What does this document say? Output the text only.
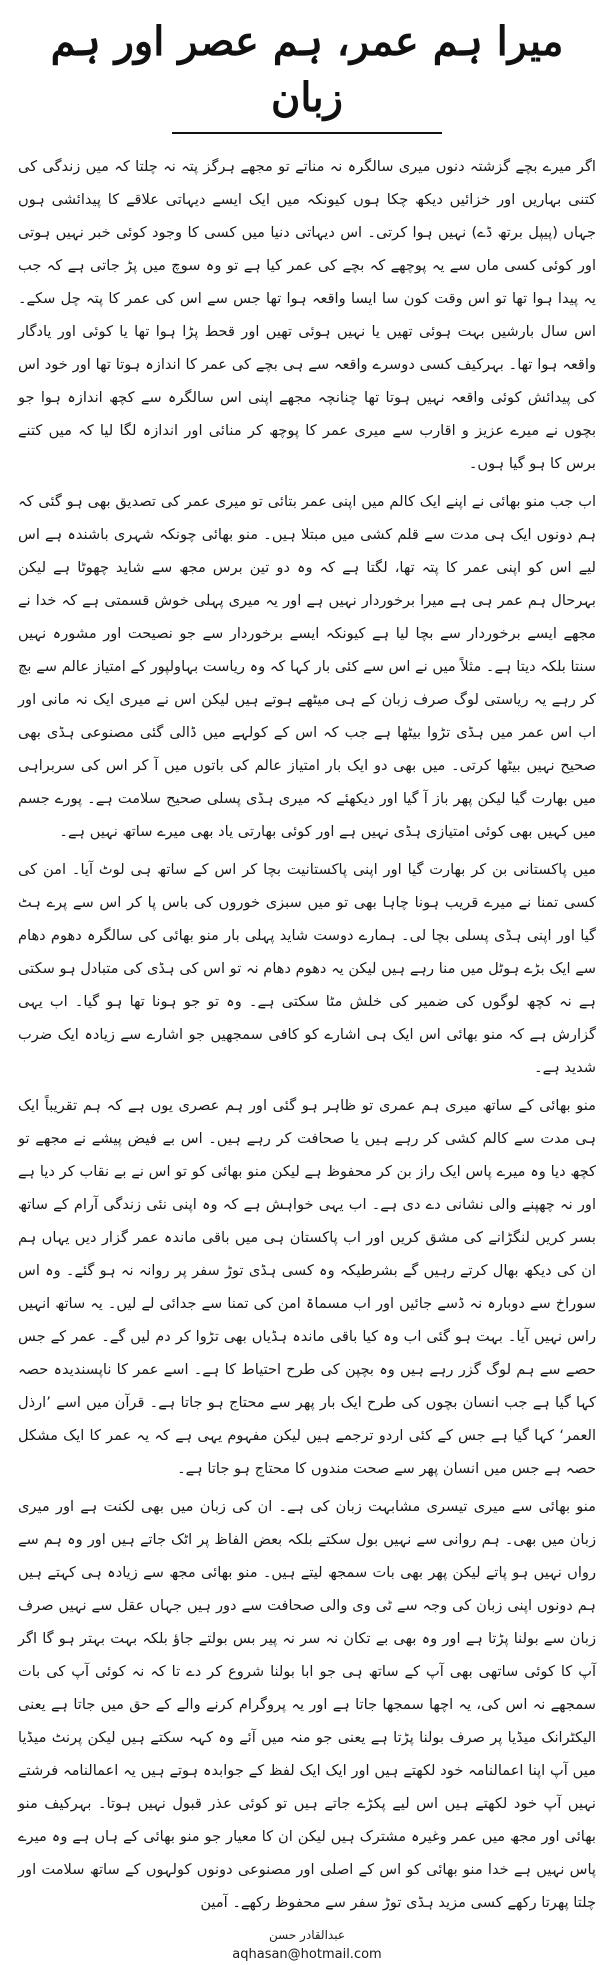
میرا ہم عمر، ہم عصر اور ہم زبان

اگر میرے بچے گزشتہ دنوں میری سالگرہ نہ مناتے تو مجھے ہرگز پتہ نہ چلتا کہ میں زندگی کی کتنی بہاریں اور خزائیں دیکھ چکا ہوں کیونکہ میں ایک ایسے دیہاتی علاقے کا پیدائشی ہوں جہاں (پیپل برتھ ڈے) نہیں ہوا کرتی۔ اس دیہاتی دنیا میں کسی کا وجود کوئی خبر نہیں ہوتی اور کوئی کسی ماں سے یہ پوچھے کہ بچے کی عمر کیا ہے تو وہ سوچ میں پڑ جاتی ہے کہ جب یہ پیدا ہوا تھا تو اس وقت کون سا ایسا واقعہ ہوا تھا جس سے اس کی عمر کا پتہ چل سکے۔ اس سال بارشیں بہت ہوئی تھیں یا نہیں ہوئی تھیں اور قحط پڑا ہوا تھا یا کوئی اور یادگار واقعہ ہوا تھا۔ بہرکیف کسی دوسرے واقعہ سے ہی بچے کی عمر کا اندازہ ہوتا تھا اور خود اس کی پیدائش کوئی واقعہ نہیں ہوتا تھا چنانچہ مجھے اپنی اس سالگرہ سے کچھ اندازہ ہوا جو بچوں نے میرے عزیز و اقارب سے میری عمر کا پوچھ کر منائی اور اندازہ لگا لیا کہ میں کتنے برس کا ہو گیا ہوں۔

اب جب منو بھائی نے اپنے ایک کالم میں اپنی عمر بتائی تو میری عمر کی تصدیق بھی ہو گئی کہ ہم دونوں ایک ہی مدت سے قلم کشی میں مبتلا ہیں۔ منو بھائی چونکہ شہری باشندہ ہے اس لیے اس کو اپنی عمر کا پتہ تھا، لگتا ہے کہ وہ دو تین برس مجھ سے شاید چھوٹا ہے لیکن بہرحال ہم عمر ہی ہے میرا برخوردار نہیں ہے اور یہ میری پہلی خوش قسمتی ہے کہ خدا نے مجھے ایسے برخوردار سے بچا لیا ہے کیونکہ ایسے برخوردار سے جو نصیحت اور مشورہ نہیں سنتا بلکہ دیتا ہے۔ مثلاً میں نے اس سے کئی بار کہا کہ وہ ریاست بہاولپور کے امتیاز عالم سے بچ کر رہے یہ ریاستی لوگ صرف زبان کے ہی میٹھے ہوتے ہیں لیکن اس نے میری ایک نہ مانی اور اب اس عمر میں ہڈی تڑوا بیٹھا ہے جب کہ اس کے کولہے میں ڈالی گئی مصنوعی ہڈی بھی صحیح نہیں بیٹھا کرتی۔ میں بھی دو ایک بار امتیاز عالم کی باتوں میں آ کر اس کی سربراہی میں بھارت گیا لیکن پھر باز آ گیا اور دیکھئے کہ میری ہڈی پسلی صحیح سلامت ہے۔ پورے جسم میں کہیں بھی کوئی امتیازی ہڈی نہیں ہے اور کوئی بھارتی یاد بھی میرے ساتھ نہیں ہے۔

میں پاکستانی بن کر بھارت گیا اور اپنی پاکستانیت بچا کر اس کے ساتھ ہی لوٹ آیا۔ امن کی کسی تمنا نے میرے قریب ہونا چاہا بھی تو میں سبزی خوروں کی باس پا کر اس سے پرے ہٹ گیا اور اپنی ہڈی پسلی بچا لی۔ ہمارے دوست شاید پہلی بار منو بھائی کی سالگرہ دھوم دھام سے ایک بڑے ہوٹل میں منا رہے ہیں لیکن یہ دھوم دھام نہ تو اس کی ہڈی کی متبادل ہو سکتی ہے نہ کچھ لوگوں کی ضمیر کی خلش مٹا سکتی ہے۔ وہ تو جو ہونا تھا ہو گیا۔ اب یہی گزارش ہے کہ منو بھائی اس ایک ہی اشارے کو کافی سمجھیں جو اشارے سے زیادہ ایک ضرب شدید ہے۔

منو بھائی کے ساتھ میری ہم عمری تو ظاہر ہو گئی اور ہم عصری یوں ہے کہ ہم تقریباً ایک ہی مدت سے کالم کشی کر رہے ہیں یا صحافت کر رہے ہیں۔ اس بے فیض پیشے نے مجھے تو کچھ دیا وہ میرے پاس ایک راز بن کر محفوظ ہے لیکن منو بھائی کو تو اس نے بے نقاب کر دیا ہے اور نہ چھپنے والی نشانی دے دی ہے۔ اب یہی خواہش ہے کہ وہ اپنی نئی زندگی آرام کے ساتھ بسر کریں لنگڑانے کی مشق کریں اور اب پاکستان ہی میں باقی ماندہ عمر گزار دیں یہاں ہم ان کی دیکھ بھال کرتے رہیں گے بشرطیکہ وہ کسی ہڈی توڑ سفر پر روانہ نہ ہو گئے۔ وہ اس سوراخ سے دوبارہ نہ ڈسے جائیں اور اب مسماۃ امن کی تمنا سے جدائی لے لیں۔ یہ ساتھ انہیں راس نہیں آیا۔ بہت ہو گئی اب وہ کیا باقی ماندہ ہڈیاں بھی تڑوا کر دم لیں گے۔ عمر کے جس حصے سے ہم لوگ گزر رہے ہیں وہ بچپن کی طرح احتیاط کا ہے۔ اسے عمر کا ناپسندیدہ حصہ کہا گیا ہے جب انسان بچوں کی طرح ایک بار پھر سے محتاج ہو جاتا ہے۔ قرآن میں اسے ’ارذل العمر‘ کہا گیا ہے جس کے کئی اردو ترجمے ہیں لیکن مفہوم یہی ہے کہ یہ عمر کا ایک مشکل حصہ ہے جس میں انسان پھر سے صحت مندوں کا محتاج ہو جاتا ہے۔

منو بھائی سے میری تیسری مشابہت زبان کی ہے۔ ان کی زبان میں بھی لکنت ہے اور میری زبان میں بھی۔ ہم روانی سے نہیں بول سکتے بلکہ بعض الفاظ پر اٹک جاتے ہیں اور وہ ہم سے رواں نہیں ہو پاتے لیکن پھر بھی بات سمجھ لیتے ہیں۔ منو بھائی مجھ سے زیادہ ہی کہتے ہیں ہم دونوں اپنی زبان کی وجہ سے ٹی وی والی صحافت سے دور ہیں جہاں عقل سے نہیں صرف زبان سے بولنا پڑتا ہے اور وہ بھی بے تکان نہ سر نہ پیر بس بولتے جاؤ بلکہ بہت بہتر ہو گا اگر آپ کا کوئی ساتھی بھی آپ کے ساتھ ہی جو ابا بولنا شروع کر دے تا کہ نہ کوئی آپ کی بات سمجھے نہ اس کی، یہ اچھا سمجھا جاتا ہے اور یہ پروگرام کرنے والے کے حق میں جاتا ہے یعنی الیکٹرانک میڈیا پر صرف بولنا پڑتا ہے یعنی جو منہ میں آئے وہ کہہ سکتے ہیں لیکن پرنٹ میڈیا میں آپ اپنا اعمالنامہ خود لکھتے ہیں اور ایک ایک لفظ کے جوابدہ ہوتے ہیں یہ اعمالنامہ فرشتے نہیں آپ خود لکھتے ہیں اس لیے پکڑے جاتے ہیں تو کوئی عذر قبول نہیں ہوتا۔ بہرکیف منو بھائی اور مجھ میں عمر وغیرہ مشترک ہیں لیکن ان کا معیار جو منو بھائی کے ہاں ہے وہ میرے پاس نہیں ہے خدا منو بھائی کو اس کے اصلی اور مصنوعی دونوں کولہوں کے ساتھ سلامت اور چلتا پھرتا رکھے کسی مزید ہڈی توڑ سفر سے محفوظ رکھے۔ آمین

عبدالقادر حسن
aqhasan@hotmail.com
